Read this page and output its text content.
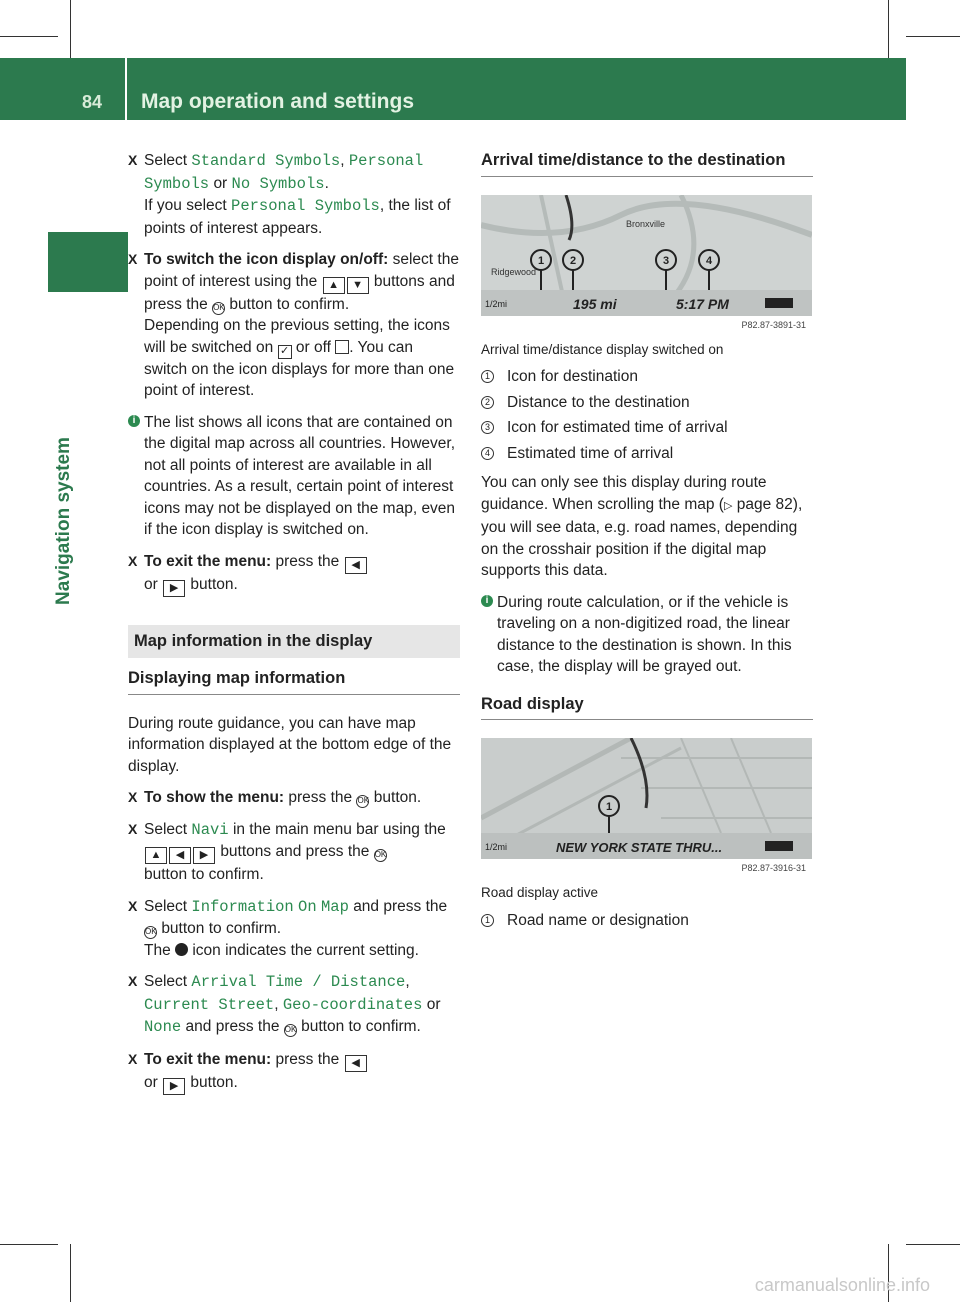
84 Map operation and settings
Navigation system
X Select Standard Symbols, Personal Symbols or No Symbols.
If you select Personal Symbols, the list of points of interest appears.
X To switch the icon display on/off: select the point of interest using the ▲ ▼ buttons and press the OK button to confirm.
Depending on the previous setting, the icons will be switched on ✓ or off . You can switch on the icon displays for more than one point of interest.
i The list shows all icons that are contained on the digital map across all countries. However, not all points of interest are available in all countries. As a result, certain point of interest icons may not be displayed on the map, even if the icon display is switched on.
X To exit the menu: press the ◀
or ▶ button.
Map information in the display
Displaying map information
During route guidance, you can have map information displayed at the bottom edge of the display.
X To show the menu: press the OK button.
X Select Navi in the main menu bar using the
▲ ◀ ▶ buttons and press the OK
button to confirm.
X Select Information On Map and press the
OK button to confirm.
The icon indicates the current setting.
X Select Arrival Time / Distance,
Current Street, Geo-coordinates or
None and press the OK button to confirm.
X To exit the menu: press the ◀
or ▶ button.
Arrival time/distance to the destination
1 2	3	4
Ridgewood
Bronxville
1/2mi	195 mi	5:17 PM
P82.87-3891-31
Arrival time/distance display switched on
1 Icon for destination
2 Distance to the destination
3 Icon for estimated time of arrival
4 Estimated time of arrival
You can only see this display during route guidance. When scrolling the map (▷ page 82), you will see data, e.g. road names, depending on the crosshair position if the digital map supports this data.
i During route calculation, or if the vehicle is traveling on a non-digitized road, the linear distance to the destination is shown. In this case, the display will be grayed out.
Road display
1
1/2mi	NEW YORK STATE THRU...
P82.87-3916-31
Road display active
1 Road name or designation
carmanualsonline.info
